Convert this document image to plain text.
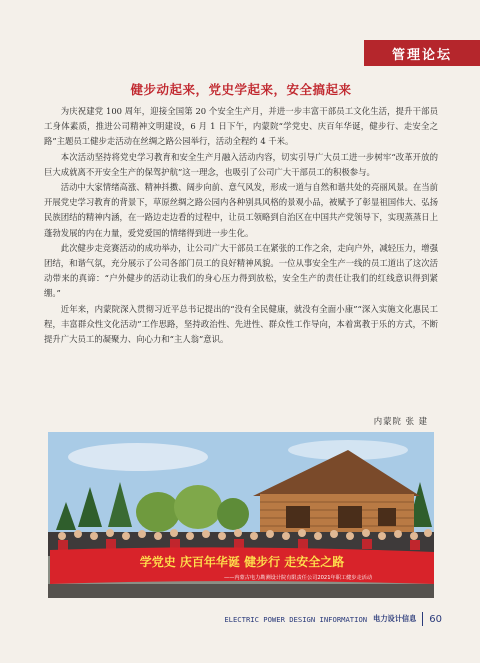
管理论坛
健步动起来，党史学起来，安全搞起来

为庆祝建党 100 周年，迎接全国第 20 个安全生产月，并进一步丰富干部员工文化生活，提升干部员工身体素质，推进公司精神文明建设，6 月 1 日下午，内蒙院“学党史、庆百年华诞，健步行、走安全之路”主题员工健步走活动在丝绸之路公园举行，活动全程约 4 千米。

本次活动坚持将党史学习教育和安全生产月融入活动内容，切实引导广大员工进一步树牢“改革开放的巨大成就离不开安全生产的保驾护航”这一理念，也吸引了公司广大干部员工的积极参与。

活动中大家情绪高涨、精神抖擞、阔步向前、意气风发，形成一道与自然和谐共处的亮丽风景。在当前开展党史学习教育的背景下，草原丝绸之路公园内各种别具风格的景观小品，被赋予了彰显祖国伟大、弘扬民族团结的精神内涵，在一路边走边看的过程中，让员工领略到自治区在中国共产党领导下，实现蒸蒸日上蓬勃发展的内在力量，爱党爱国的情绪得到进一步生化。

此次健步走竞赛活动的成功举办，让公司广大干部员工在紧张的工作之余，走向户外，减轻压力，增强团结，和谐气氛，充分展示了公司各部门员工的良好精神风貌。一位从事安全生产一线的员工道出了这次活动带来的真谛：“户外健步的活动让我们的身心压力得到放松，安全生产的责任让我们的红线意识得到紧绷。”

近年来，内蒙院深入贯彻习近平总书记提出的“没有全民健康，就没有全面小康”“深入实施文化惠民工程，丰富群众性文化活动”工作思路，坚持政治性、先进性、群众性工作导向，本着寓教于乐的方式，不断提升广大员工的凝聚力、向心力和“主人翁”意识。

内蒙院 张 建
学党史 庆百年华诞 健步行 走安全之路
——内蒙古电力勘测设计院有限责任公司2021年职工健步走活动
ELECTRIC POWER DESIGN INFORMATION 电力设计信息 60
